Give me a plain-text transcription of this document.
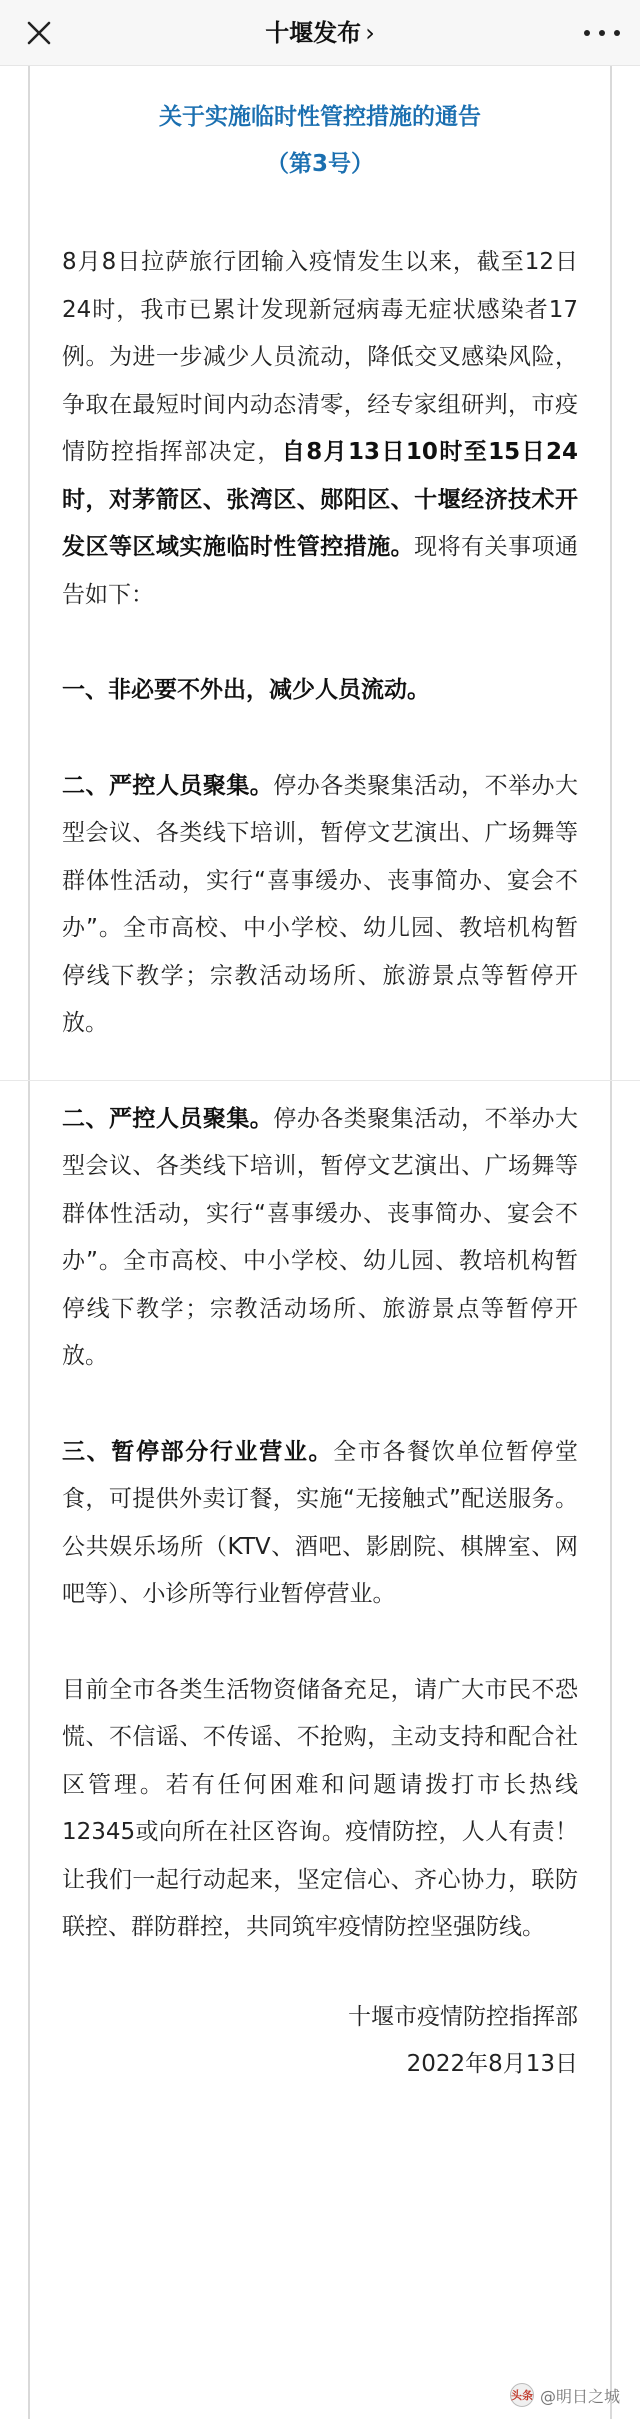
十堰发布 ›
关于实施临时性管控措施的通告
（第3号）

8月8日拉萨旅行团输入疫情发生以来，截至12日24时，我市已累计发现新冠病毒无症状感染者17例。为进一步减少人员流动，降低交叉感染风险，争取在最短时间内动态清零，经专家组研判，市疫情防控指挥部决定，自8月13日10时至15日24时，对茅箭区、张湾区、郧阳区、十堰经济技术开发区等区域实施临时性管控措施。现将有关事项通告如下：

一、非必要不外出，减少人员流动。

二、严控人员聚集。停办各类聚集活动，不举办大型会议、各类线下培训，暂停文艺演出、广场舞等群体性活动，实行“喜事缓办、丧事简办、宴会不办”。全市高校、中小学校、幼儿园、教培机构暂停线下教学；宗教活动场所、旅游景点等暂停开放。

二、严控人员聚集。停办各类聚集活动，不举办大型会议、各类线下培训，暂停文艺演出、广场舞等群体性活动，实行“喜事缓办、丧事简办、宴会不办”。全市高校、中小学校、幼儿园、教培机构暂停线下教学；宗教活动场所、旅游景点等暂停开放。

三、暂停部分行业营业。全市各餐饮单位暂停堂食，可提供外卖订餐，实施“无接触式”配送服务。公共娱乐场所（KTV、酒吧、影剧院、棋牌室、网吧等）、小诊所等行业暂停营业。

目前全市各类生活物资储备充足，请广大市民不恐慌、不信谣、不传谣、不抢购，主动支持和配合社区管理。若有任何困难和问题请拨打市长热线12345或向所在社区咨询。疫情防控，人人有责！让我们一起行动起来，坚定信心、齐心协力，联防联控、群防群控，共同筑牢疫情防控坚强防线。

十堰市疫情防控指挥部
2022年8月13日
头条 @明日之城
